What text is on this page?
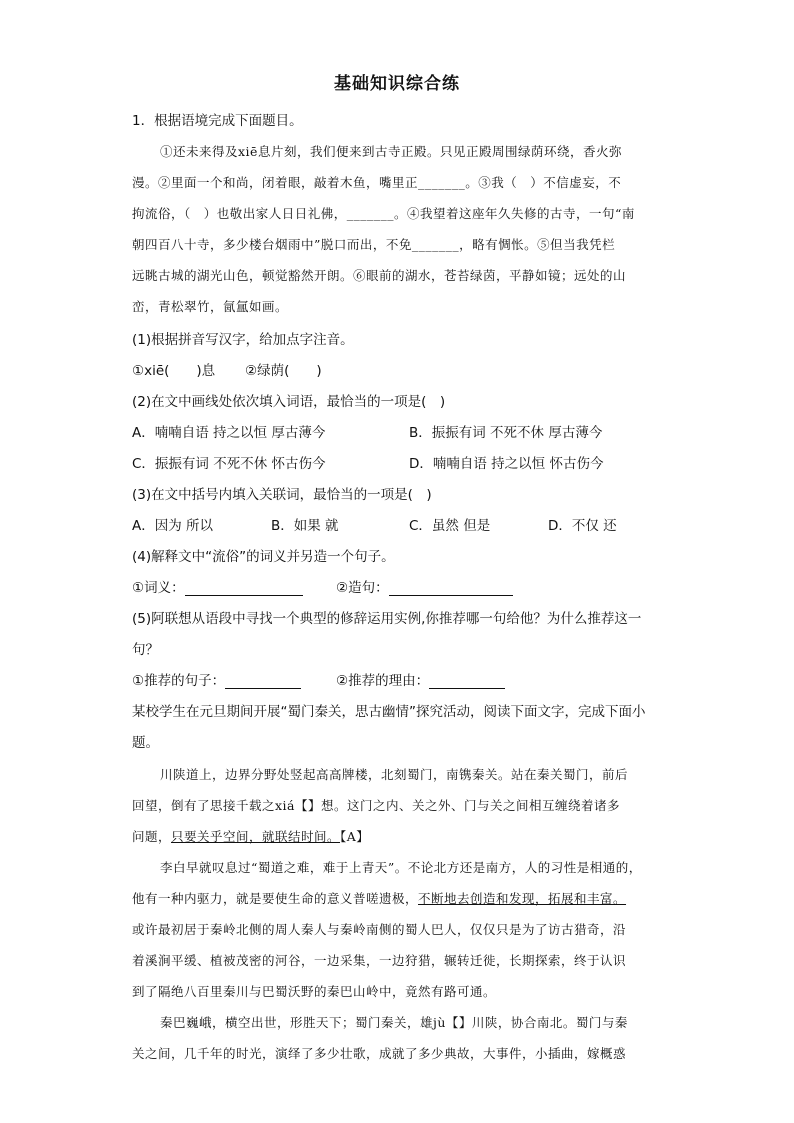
基础知识综合练
1．根据语境完成下面题目。
①还未来得及xiē息片刻，我们便来到古寺正殿。只见正殿周围绿荫环绕，香火弥
漫。②里面一个和尚，闭着眼，敲着木鱼，嘴里正_______。③我（　）不信虚妄，不
拘流俗，（　）也敬出家人日日礼佛，_______。④我望着这座年久失修的古寺，一句“南
朝四百八十寺，多少楼台烟雨中”脱口而出，不免_______，略有惆怅。⑤但当我凭栏
远眺古城的湖光山色，顿觉豁然开朗。⑥眼前的湖水，苍苔绿茵，平静如镜；远处的山
峦，青松翠竹，氤氲如画。
(1)根据拼音写汉字，给加点字注音。
①xiē(　　)息 ②绿荫(　　)
(2)在文中画线处依次填入词语，最恰当的一项是(　)
A．喃喃自语 持之以恒 厚古薄今	B．振振有词 不死不休 厚古薄今
C．振振有词 不死不休 怀古伤今	D．喃喃自语 持之以恒 怀古伤今
(3)在文中括号内填入关联词，最恰当的一项是(　)
A．因为 所以	B．如果 就	C．虽然 但是	D．不仅 还
(4)解释文中“流俗”的词义并另造一个句子。
①词义：	②造句：
(5)阿联想从语段中寻找一个典型的修辞运用实例,你推荐哪一句给他？为什么推荐这一
句？
①推荐的句子：	②推荐的理由：
某校学生在元旦期间开展“蜀门秦关，思古幽情”探究活动，阅读下面文字，完成下面小
题。
川陕道上，边界分野处竖起高高牌楼，北刻蜀门，南镌秦关。站在秦关蜀门，前后
回望，倒有了思接千载之xiá【】想。这门之内、关之外、门与关之间相互缠绕着诸多
问题，只要关乎空间，就联结时间。【A】
李白早就叹息过“蜀道之难，难于上青天”。不论北方还是南方，人的习性是相通的，
他有一种内驱力，就是要使生命的意义普嗟遗极，不断地去创造和发现，拓展和丰富。
或许最初居于秦岭北侧的周人秦人与秦岭南侧的蜀人巴人，仅仅只是为了访古猎奇，沿
着溪涧平缓、植被茂密的河谷，一边采集，一边狩猎，辗转迁徙，长期探索，终于认识
到了隔绝八百里秦川与巴蜀沃野的秦巴山岭中，竟然有路可通。
秦巴巍峨，横空出世，形胜天下；蜀门秦关，雄jù【】川陕，协合南北。蜀门与秦
关之间，几千年的时光，演绎了多少壮歌，成就了多少典故，大事件，小插曲，嫁概惑
